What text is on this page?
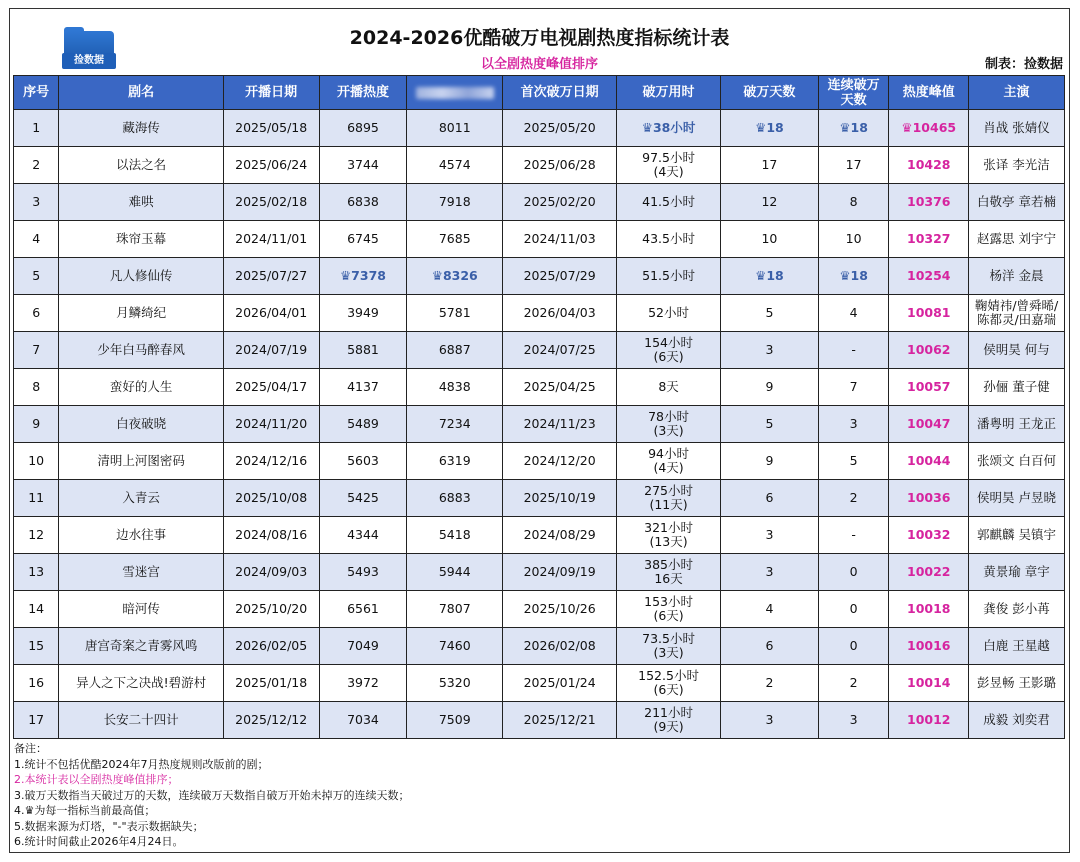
捡数据
2024-2026优酷破万电视剧热度指标统计表
以全剧热度峰值排序	制表：捡数据
序号	剧名	开播日期	开播热度		首次破万日期	破万用时	破万天数	连续破万
天数	热度峰值	主演
1	藏海传	2025/05/18	6895	8011	2025/05/20	♛38小时	♛18	♛18	♛10465	肖战 张婧仪
2	以法之名	2025/06/24	3744	4574	2025/06/28	97.5小时
(4天)	17	17	10428	张译 李光洁
3	难哄	2025/02/18	6838	7918	2025/02/20	41.5小时	12	8	10376	白敬亭 章若楠
4	珠帘玉幕	2024/11/01	6745	7685	2024/11/03	43.5小时	10	10	10327	赵露思 刘宇宁
5	凡人修仙传	2025/07/27	♛7378	♛8326	2025/07/29	51.5小时	♛18	♛18	10254	杨洋 金晨
6	月鳞绮纪	2026/04/01	3949	5781	2026/04/03	52小时	5	4	10081	鞠婧祎/曾舜晞/
陈都灵/田嘉瑞
7	少年白马醉春风	2024/07/19	5881	6887	2024/07/25	154小时
(6天)	3	-	10062	侯明昊 何与
8	蛮好的人生	2025/04/17	4137	4838	2025/04/25	8天	9	7	10057	孙俪 董子健
9	白夜破晓	2024/11/20	5489	7234	2024/11/23	78小时
(3天)	5	3	10047	潘粤明 王龙正
10	清明上河图密码	2024/12/16	5603	6319	2024/12/20	94小时
(4天)	9	5	10044	张颂文 白百何
11	入青云	2025/10/08	5425	6883	2025/10/19	275小时
(11天)	6	2	10036	侯明昊 卢昱晓
12	边水往事	2024/08/16	4344	5418	2024/08/29	321小时
(13天)	3	-	10032	郭麒麟 吴镇宇
13	雪迷宫	2024/09/03	5493	5944	2024/09/19	385小时
16天	3	0	10022	黄景瑜 章宇
14	暗河传	2025/10/20	6561	7807	2025/10/26	153小时
(6天)	4	0	10018	龚俊 彭小苒
15	唐宫奇案之青雾风鸣	2026/02/05	7049	7460	2026/02/08	73.5小时
(3天)	6	0	10016	白鹿 王星越
16	异人之下之决战!碧游村	2025/01/18	3972	5320	2025/01/24	152.5小时
(6天)	2	2	10014	彭昱畅 王影璐
17	长安二十四计	2025/12/12	7034	7509	2025/12/21	211小时
(9天)	3	3	10012	成毅 刘奕君
备注：
1.统计不包括优酷2024年7月热度规则改版前的剧；
2.本统计表以全剧热度峰值排序；
3.破万天数指当天破过万的天数，连续破万天数指自破万开始未掉万的连续天数；
4.♛为每一指标当前最高值；
5.数据来源为灯塔，"-"表示数据缺失；
6.统计时间截止2026年4月24日。
